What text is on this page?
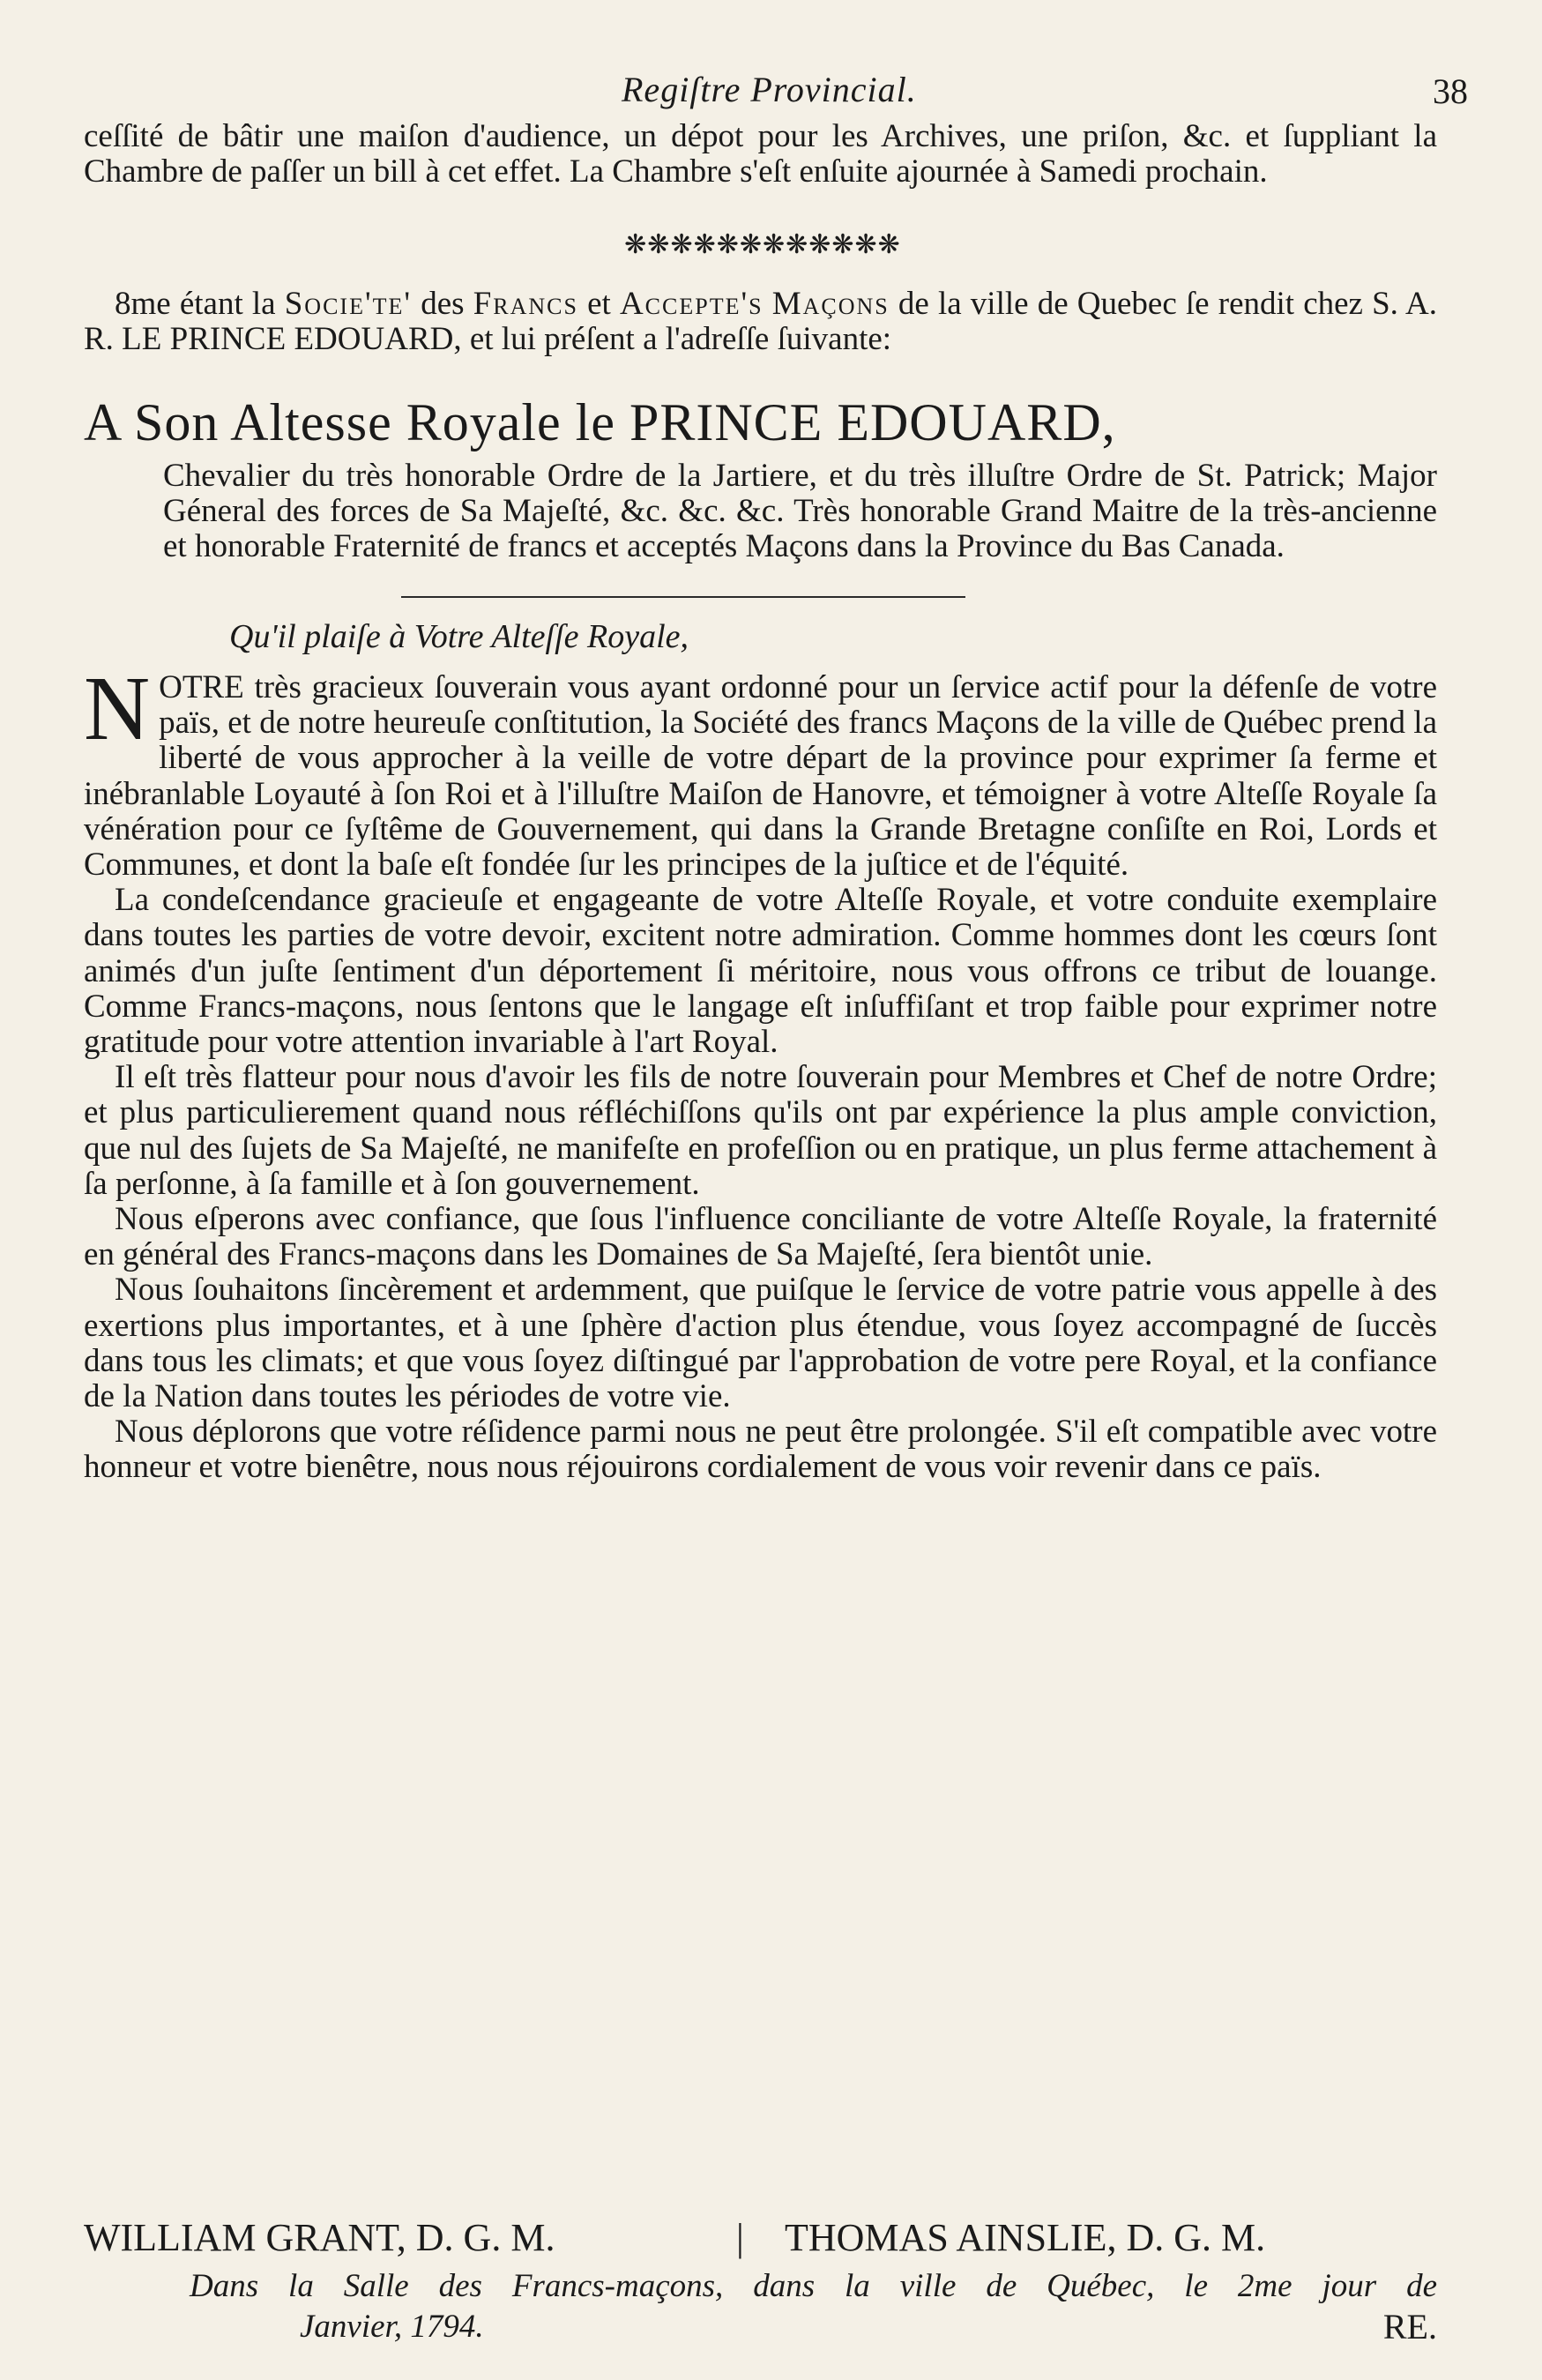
Regiſtre Provincial.	38
ceſſité de bâtir une maiſon d'audience, un dépot pour les Archives, une priſon, &c. et ſuppliant la Chambre de paſſer un bill à cet effet. La Chambre s'eſt enſuite ajournée à Samedi prochain.
❋❋❋❋❋❋❋❋❋❋❋❋
8me étant la Socie'te' des Francs et Accepte's Maçons de la ville de Quebec ſe rendit chez S. A. R. LE PRINCE EDOUARD, et lui préſent a l'adreſſe ſuivante:
A Son Altesse Royale le PRINCE EDOUARD,
Chevalier du très honorable Ordre de la Jartiere, et du très illuſtre Ordre de St. Patrick; Major Géneral des forces de Sa Majeſté, &c. &c. &c. Très honorable Grand Maitre de la très-ancienne et honorable Fraternité de francs et acceptés Maçons dans la Province du Bas Canada.
Qu'il plaiſe à Votre Alteſſe Royale,
N OTRE très gracieux ſouverain vous ayant ordonné pour un ſervice actif pour la défenſe de votre païs, et de notre heureuſe conſtitution, la Société des francs Maçons de la ville de Québec prend la liberté de vous approcher à la veille de votre départ de la province pour exprimer ſa ferme et inébranlable Loyauté à ſon Roi et à l'illuſtre Maiſon de Hanovre, et témoigner à votre Alteſſe Royale ſa vénération pour ce ſyſtême de Gouvernement, qui dans la Grande Bretagne conſiſte en Roi, Lords et Communes, et dont la baſe eſt fondée ſur les principes de la juſtice et de l'équité.

La condeſcendance gracieuſe et engageante de votre Alteſſe Royale, et votre conduite exemplaire dans toutes les parties de votre devoir, excitent notre admiration. Comme hommes dont les cœurs ſont animés d'un juſte ſentiment d'un déportement ſi méritoire, nous vous offrons ce tribut de louange. Comme Francs-maçons, nous ſentons que le langage eſt inſuffiſant et trop faible pour exprimer notre gratitude pour votre attention invariable à l'art Royal.

Il eſt très flatteur pour nous d'avoir les fils de notre ſouverain pour Membres et Chef de notre Ordre; et plus particulierement quand nous réfléchiſſons qu'ils ont par expérience la plus ample conviction, que nul des ſujets de Sa Majeſté, ne manifeſte en profeſſion ou en pratique, un plus ferme attachement à ſa perſonne, à ſa famille et à ſon gouvernement.

Nous eſperons avec confiance, que ſous l'influence conciliante de votre Alteſſe Royale, la fraternité en général des Francs-maçons dans les Domaines de Sa Majeſté, ſera bientôt unie.

Nous ſouhaitons ſincèrement et ardemment, que puiſque le ſervice de votre patrie vous appelle à des exertions plus importantes, et à une ſphère d'action plus étendue, vous ſoyez accompagné de ſuccès dans tous les climats; et que vous ſoyez diſtingué par l'approbation de votre pere Royal, et la confiance de la Nation dans toutes les périodes de votre vie.

Nous déplorons que votre réſidence parmi nous ne peut être prolongée. S'il eſt compatible avec votre honneur et votre bienêtre, nous nous réjouirons cordialement de vous voir revenir dans ce païs.

WILLIAM GRANT, D. G. M.	| THOMAS AINSLIE, D. G. M.
Dans la Salle des Francs-maçons, dans la ville de Québec, le 2me jour de
Janvier, 1794.	RE.
